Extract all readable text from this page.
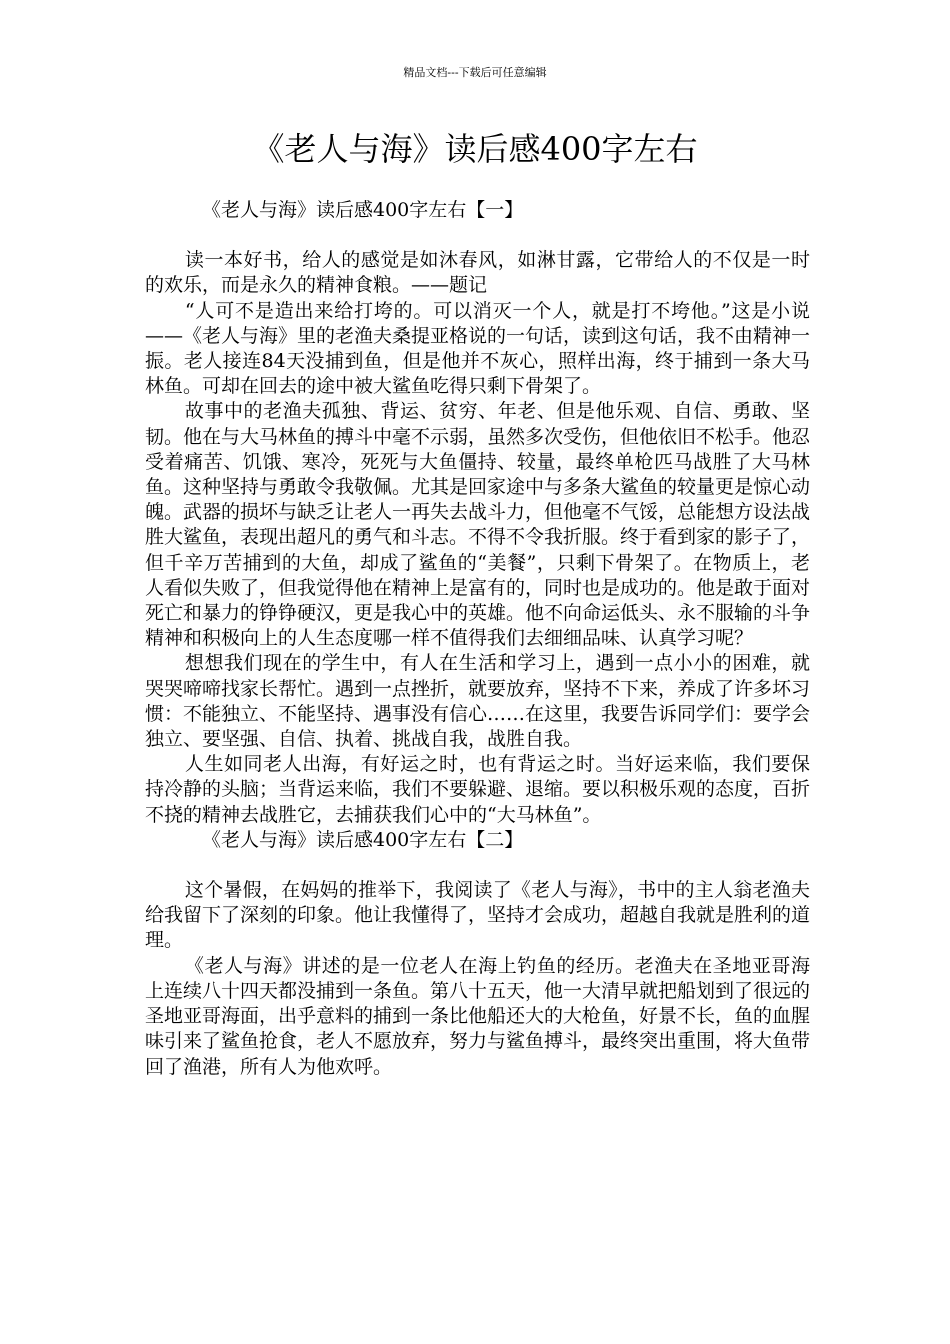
精品文档---下载后可任意编辑
《老人与海》读后感400字左右

《老人与海》读后感400字左右【一】

读一本好书，给人的感觉是如沐春风，如淋甘露，它带给人的不仅是一时的欢乐，而是永久的精神食粮。——题记

“人可不是造出来给打垮的。可以消灭一个人，就是打不垮他。”这是小说——《老人与海》里的老渔夫桑提亚格说的一句话，读到这句话，我不由精神一振。老人接连84天没捕到鱼，但是他并不灰心，照样出海，终于捕到一条大马林鱼。可却在回去的途中被大鲨鱼吃得只剩下骨架了。

故事中的老渔夫孤独、背运、贫穷、年老、但是他乐观、自信、勇敢、坚韧。他在与大马林鱼的搏斗中毫不示弱，虽然多次受伤，但他依旧不松手。他忍受着痛苦、饥饿、寒冷，死死与大鱼僵持、较量，最终单枪匹马战胜了大马林鱼。这种坚持与勇敢令我敬佩。尤其是回家途中与多条大鲨鱼的较量更是惊心动魄。武器的损坏与缺乏让老人一再失去战斗力，但他毫不气馁，总能想方设法战胜大鲨鱼，表现出超凡的勇气和斗志。不得不令我折服。终于看到家的影子了，但千辛万苦捕到的大鱼，却成了鲨鱼的“美餐”，只剩下骨架了。在物质上，老人看似失败了，但我觉得他在精神上是富有的，同时也是成功的。他是敢于面对死亡和暴力的铮铮硬汉，更是我心中的英雄。他不向命运低头、永不服输的斗争精神和积极向上的人生态度哪一样不值得我们去细细品味、认真学习呢？

想想我们现在的学生中，有人在生活和学习上，遇到一点小小的困难，就哭哭啼啼找家长帮忙。遇到一点挫折，就要放弃，坚持不下来，养成了许多坏习惯：不能独立、不能坚持、遇事没有信心……在这里，我要告诉同学们：要学会独立、要坚强、自信、执着、挑战自我，战胜自我。

人生如同老人出海，有好运之时，也有背运之时。当好运来临，我们要保持冷静的头脑；当背运来临，我们不要躲避、退缩。要以积极乐观的态度，百折不挠的精神去战胜它，去捕获我们心中的“大马林鱼”。

《老人与海》读后感400字左右【二】

这个暑假，在妈妈的推举下，我阅读了《老人与海》，书中的主人翁老渔夫给我留下了深刻的印象。他让我懂得了，坚持才会成功，超越自我就是胜利的道理。

《老人与海》讲述的是一位老人在海上钓鱼的经历。老渔夫在圣地亚哥海上连续八十四天都没捕到一条鱼。第八十五天，他一大清早就把船划到了很远的圣地亚哥海面，出乎意料的捕到一条比他船还大的大枪鱼，好景不长，鱼的血腥味引来了鲨鱼抢食，老人不愿放弃，努力与鲨鱼搏斗，最终突出重围，将大鱼带回了渔港，所有人为他欢呼。
